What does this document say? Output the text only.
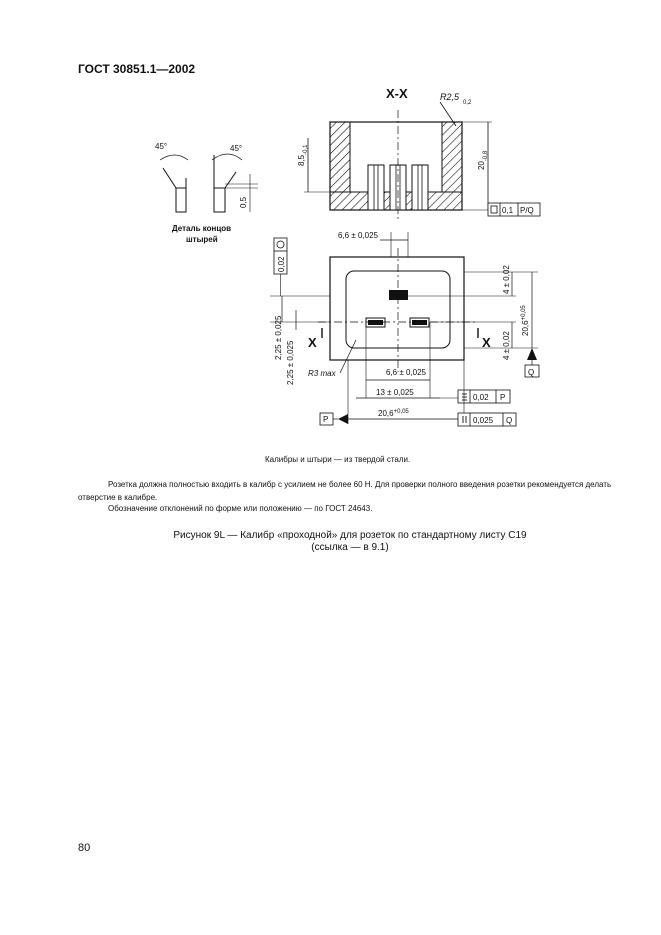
ГОСТ 30851.1—2002
X-X	R2,5
0,2
$8,5_{-0,1}$
$20_{-0,8}$
0,1 P/Q
45°	45°
0,5
Деталь концов
штырей	6,6 ± 0,025
0,02
2,25 ± 0,025
2,25 ± 0,025 X	X
4 ± 0,02
4 ± 0,02
$20,6^{+0,05}$
Q
R3 max	6,6 ± 0,025
13 ± 0,025
0,02 P
P
$20,6^{+0,05}$
0,025 Q
Калибры и штыри — из твердой стали.
Розетка должна полностью входить в калибр с усилием не более 60 Н. Для проверки полного введения розетки рекомендуется делать отверстие в калибре.
Обозначение отклонений по форме или положению — по ГОСТ 24643.
Рисунок 9L — Калибр «проходной» для розеток по стандартному листу С19
(ссылка — в 9.1)
80
